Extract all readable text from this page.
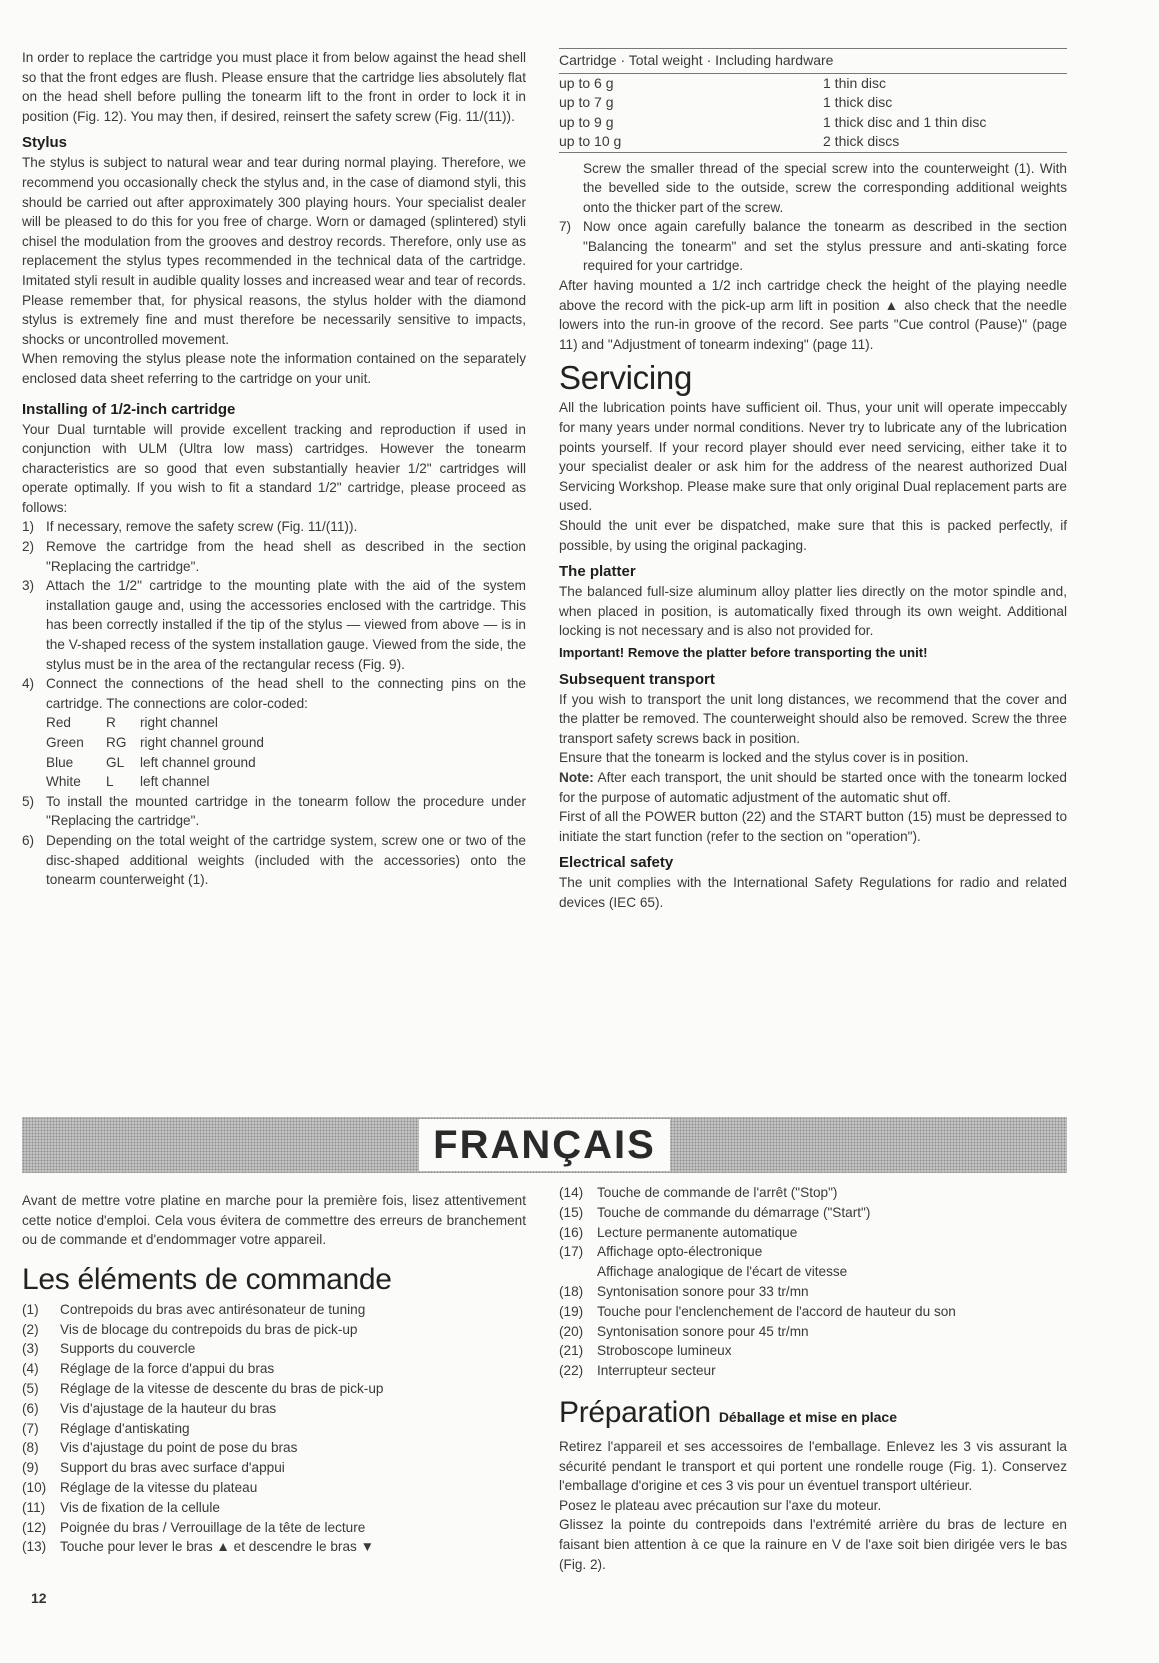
In order to replace the cartridge you must place it from below against the head shell so that the front edges are flush. Please ensure that the cartridge lies absolutely flat on the head shell before pulling the tonearm lift to the front in order to lock it in position (Fig. 12). You may then, if desired, reinsert the safety screw (Fig. 11/(11)).

Stylus

The stylus is subject to natural wear and tear during normal playing. Therefore, we recommend you occasionally check the stylus and, in the case of diamond styli, this should be carried out after approximately 300 playing hours. Your specialist dealer will be pleased to do this for you free of charge. Worn or damaged (splintered) styli chisel the modulation from the grooves and destroy records. Therefore, only use as replacement the stylus types recommended in the technical data of the cartridge. Imitated styli result in audible quality losses and increased wear and tear of records. Please remember that, for physical reasons, the stylus holder with the diamond stylus is extremely fine and must therefore be necessarily sensitive to impacts, shocks or uncontrolled movement.

When removing the stylus please note the information contained on the separately enclosed data sheet referring to the cartridge on your unit.

Installing of 1/2-inch cartridge

Your Dual turntable will provide excellent tracking and reproduction if used in conjunction with ULM (Ultra low mass) cartridges. However the tonearm characteristics are so good that even substantially heavier 1/2" cartridges will operate optimally. If you wish to fit a standard 1/2" cartridge, please proceed as follows:

1) If necessary, remove the safety screw (Fig. 11/(11)).
2) Remove the cartridge from the head shell as described in the section "Replacing the cartridge".
3) Attach the 1/2" cartridge to the mounting plate with the aid of the system installation gauge and, using the accessories enclosed with the cartridge. This has been correctly installed if the tip of the stylus — viewed from above — is in the V-shaped recess of the system installation gauge. Viewed from the side, the stylus must be in the area of the rectangular recess (Fig. 9).
4) Connect the connections of the head shell to the connecting pins on the cartridge. The connections are color-coded:
Red	R	right channel
Green	RG	right channel ground
Blue	GL	left channel ground
White	L	left channel
5) To install the mounted cartridge in the tonearm follow the procedure under "Replacing the cartridge".
6) Depending on the total weight of the cartridge system, screw one or two of the disc-shaped additional weights (included with the accessories) onto the tonearm counterweight (1).
Cartridge · Total weight · Including hardware	
up to 6 g	1 thin disc
up to 7 g	1 thick disc
up to 9 g	1 thick disc and 1 thin disc
up to 10 g	2 thick discs

Screw the smaller thread of the special screw into the counterweight (1). With the bevelled side to the outside, screw the corresponding additional weights onto the thicker part of the screw.

7) Now once again carefully balance the tonearm as described in the section "Balancing the tonearm" and set the stylus pressure and anti-skating force required for your cartridge.

After having mounted a 1/2 inch cartridge check the height of the playing needle above the record with the pick-up arm lift in position ▲ also check that the needle lowers into the run-in groove of the record. See parts "Cue control (Pause)" (page 11) and "Adjustment of tonearm indexing" (page 11).

Servicing

All the lubrication points have sufficient oil. Thus, your unit will operate impeccably for many years under normal conditions. Never try to lubricate any of the lubrication points yourself. If your record player should ever need servicing, either take it to your specialist dealer or ask him for the address of the nearest authorized Dual Servicing Workshop. Please make sure that only original Dual replacement parts are used.

Should the unit ever be dispatched, make sure that this is packed perfectly, if possible, by using the original packaging.

The platter

The balanced full-size aluminum alloy platter lies directly on the motor spindle and, when placed in position, is automatically fixed through its own weight. Additional locking is not necessary and is also not provided for.

Important! Remove the platter before transporting the unit!
Subsequent transport

If you wish to transport the unit long distances, we recommend that the cover and the platter be removed. The counterweight should also be removed. Screw the three transport safety screws back in position.

Ensure that the tonearm is locked and the stylus cover is in position.

Note: After each transport, the unit should be started once with the tonearm locked for the purpose of automatic adjustment of the automatic shut off.

First of all the POWER button (22) and the START button (15) must be depressed to initiate the start function (refer to the section on "operation").

Electrical safety

The unit complies with the International Safety Regulations for radio and related devices (IEC 65).

FRANÇAIS

Avant de mettre votre platine en marche pour la première fois, lisez attentivement cette notice d'emploi. Cela vous évitera de commettre des erreurs de branchement ou de commande et d'endommager votre appareil.

Les éléments de commande
(1)	Contrepoids du bras avec antirésonateur de tuning
(2)	Vis de blocage du contrepoids du bras de pick-up
(3)	Supports du couvercle
(4)	Réglage de la force d'appui du bras
(5)	Réglage de la vitesse de descente du bras de pick-up
(6)	Vis d'ajustage de la hauteur du bras
(7)	Réglage d'antiskating
(8)	Vis d'ajustage du point de pose du bras
(9)	Support du bras avec surface d'appui
(10)	Réglage de la vitesse du plateau
(11)	Vis de fixation de la cellule
(12)	Poignée du bras / Verrouillage de la tête de lecture
(13)	Touche pour lever le bras ▲ et descendre le bras ▼
(14)	Touche de commande de l'arrêt ("Stop")
(15)	Touche de commande du démarrage ("Start")
(16)	Lecture permanente automatique
(17)	Affichage opto-électronique
Affichage analogique de l'écart de vitesse
(18)	Syntonisation sonore pour 33 tr/mn
(19)	Touche pour l'enclenchement de l'accord de hauteur du son
(20)	Syntonisation sonore pour 45 tr/mn
(21)	Stroboscope lumineux
(22)	Interrupteur secteur
Préparation Déballage et mise en place

Retirez l'appareil et ses accessoires de l'emballage. Enlevez les 3 vis assurant la sécurité pendant le transport et qui portent une rondelle rouge (Fig. 1). Conservez l'emballage d'origine et ces 3 vis pour un éventuel transport ultérieur.

Posez le plateau avec précaution sur l'axe du moteur.

Glissez la pointe du contrepoids dans l'extrémité arrière du bras de lecture en faisant bien attention à ce que la rainure en V de l'axe soit bien dirigée vers le bas (Fig. 2).

12
